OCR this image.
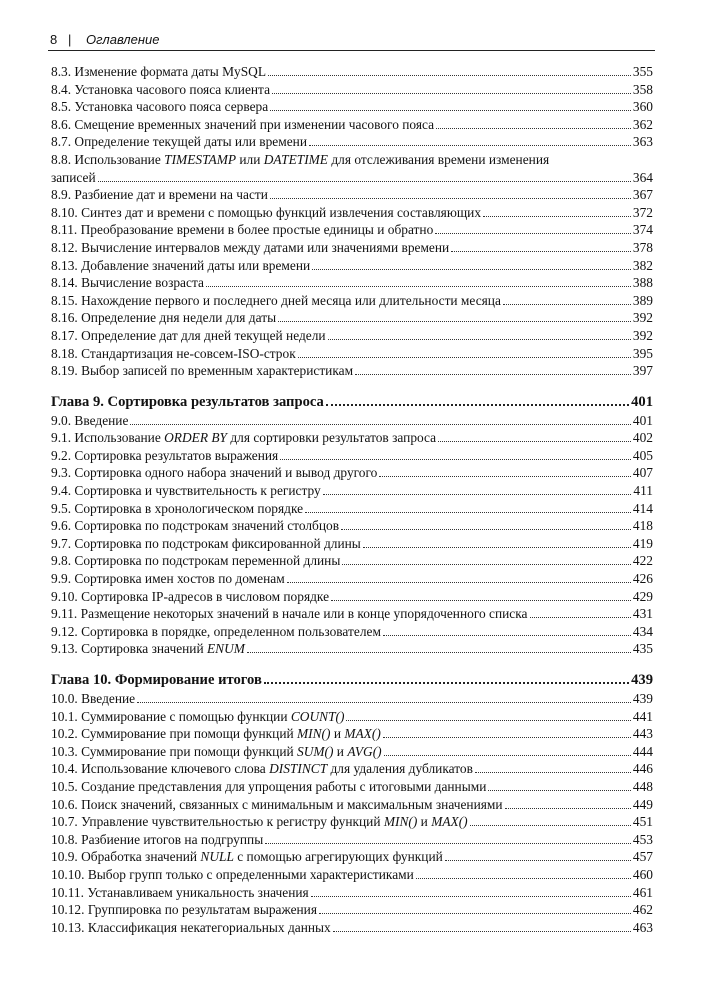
8 | Оглавление
8.3. Изменение формата даты MySQL	355
8.4. Установка часового пояса клиента	358
8.5. Установка часового пояса сервера	360
8.6. Смещение временных значений при изменении часового пояса	362
8.7. Определение текущей даты или времени	363
8.8. Использование TIMESTAMP или DATETIME для отслеживания времени изменения
записей	364
8.9. Разбиение дат и времени на части	367
8.10. Синтез дат и времени с помощью функций извлечения составляющих	372
8.11. Преобразование времени в более простые единицы и обратно	374
8.12. Вычисление интервалов между датами или значениями времени	378
8.13. Добавление значений даты или времени	382
8.14. Вычисление возраста	388
8.15. Нахождение первого и последнего дней месяца или длительности месяца	389
8.16. Определение дня недели для даты	392
8.17. Определение дат для дней текущей недели	392
8.18. Стандартизация не-совсем-ISO-строк	395
8.19. Выбор записей по временным характеристикам	397
Глава 9. Сортировка результатов запроса	401
9.0. Введение	401
9.1. Использование ORDER BY для сортировки результатов запроса	402
9.2. Сортировка результатов выражения	405
9.3. Сортировка одного набора значений и вывод другого	407
9.4. Сортировка и чувствительность к регистру	411
9.5. Сортировка в хронологическом порядке	414
9.6. Сортировка по подстрокам значений столбцов	418
9.7. Сортировка по подстрокам фиксированной длины	419
9.8. Сортировка по подстрокам переменной длины	422
9.9. Сортировка имен хостов по доменам	426
9.10. Сортировка IP-адресов в числовом порядке	429
9.11. Размещение некоторых значений в начале или в конце упорядоченного списка	431
9.12. Сортировка в порядке, определенном пользователем	434
9.13. Сортировка значений ENUM	435
Глава 10. Формирование итогов	439
10.0. Введение	439
10.1. Суммирование с помощью функции COUNT()	441
10.2. Суммирование при помощи функций MIN() и MAX()	443
10.3. Суммирование при помощи функций SUM() и AVG()	444
10.4. Использование ключевого слова DISTINCT для удаления дубликатов	446
10.5. Создание представления для упрощения работы с итоговыми данными	448
10.6. Поиск значений, связанных с минимальным и максимальным значениями	449
10.7. Управление чувствительностью к регистру функций MIN() и MAX()	451
10.8. Разбиение итогов на подгруппы	453
10.9. Обработка значений NULL с помощью агрегирующих функций	457
10.10. Выбор групп только с определенными характеристиками	460
10.11. Устанавливаем уникальность значения	461
10.12. Группировка по результатам выражения	462
10.13. Классификация некатегориальных данных	463
